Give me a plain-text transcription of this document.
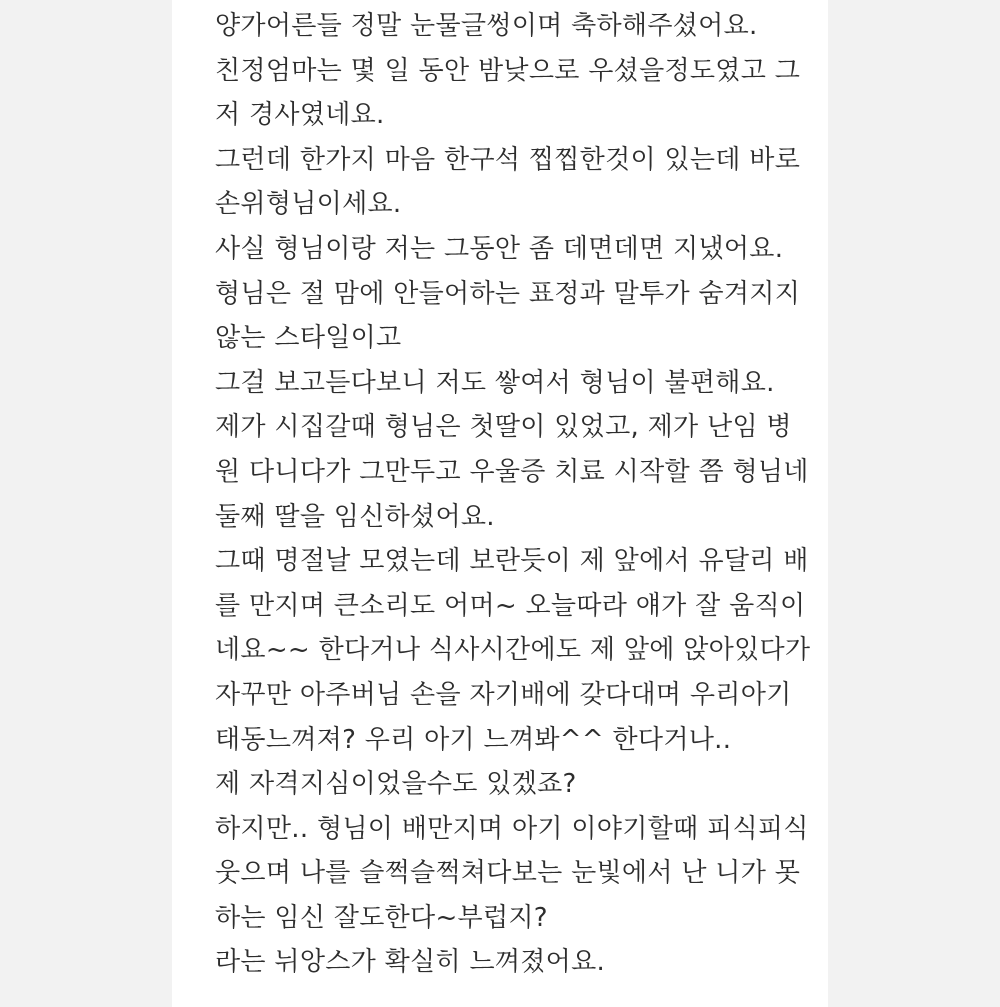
양가어른들 정말 눈물글썽이며 축하해주셨어요.
친정엄마는 몇 일 동안 밤낮으로 우셨을정도였고 그
저 경사였네요.
그런데 한가지 마음 한구석 찝찝한것이 있는데 바로
손위형님이세요.
사실 형님이랑 저는 그동안 좀 데면데면 지냈어요.
형님은 절 맘에 안들어하는 표정과 말투가 숨겨지지
않는 스타일이고
그걸 보고듣다보니 저도 쌓여서 형님이 불편해요.
제가 시집갈때 형님은 첫딸이 있었고, 제가 난임 병
원 다니다가 그만두고 우울증 치료 시작할 쯤 형님네
둘째 딸을 임신하셨어요.
그때 명절날 모였는데 보란듯이 제 앞에서 유달리 배
를 만지며 큰소리도 어머~ 오늘따라 얘가 잘 움직이
네요~~ 한다거나 식사시간에도 제 앞에 앉아있다가
자꾸만 아주버님 손을 자기배에 갖다대며 우리아기
태동느껴져? 우리 아기 느껴봐^^ 한다거나..
제 자격지심이었을수도 있겠죠?
하지만.. 형님이 배만지며 아기 이야기할때 피식피식
웃으며 나를 슬쩍슬쩍쳐다보는 눈빛에서 난 니가 못
하는 임신 잘도한다~부럽지?
라는 뉘앙스가 확실히 느껴졌어요.
